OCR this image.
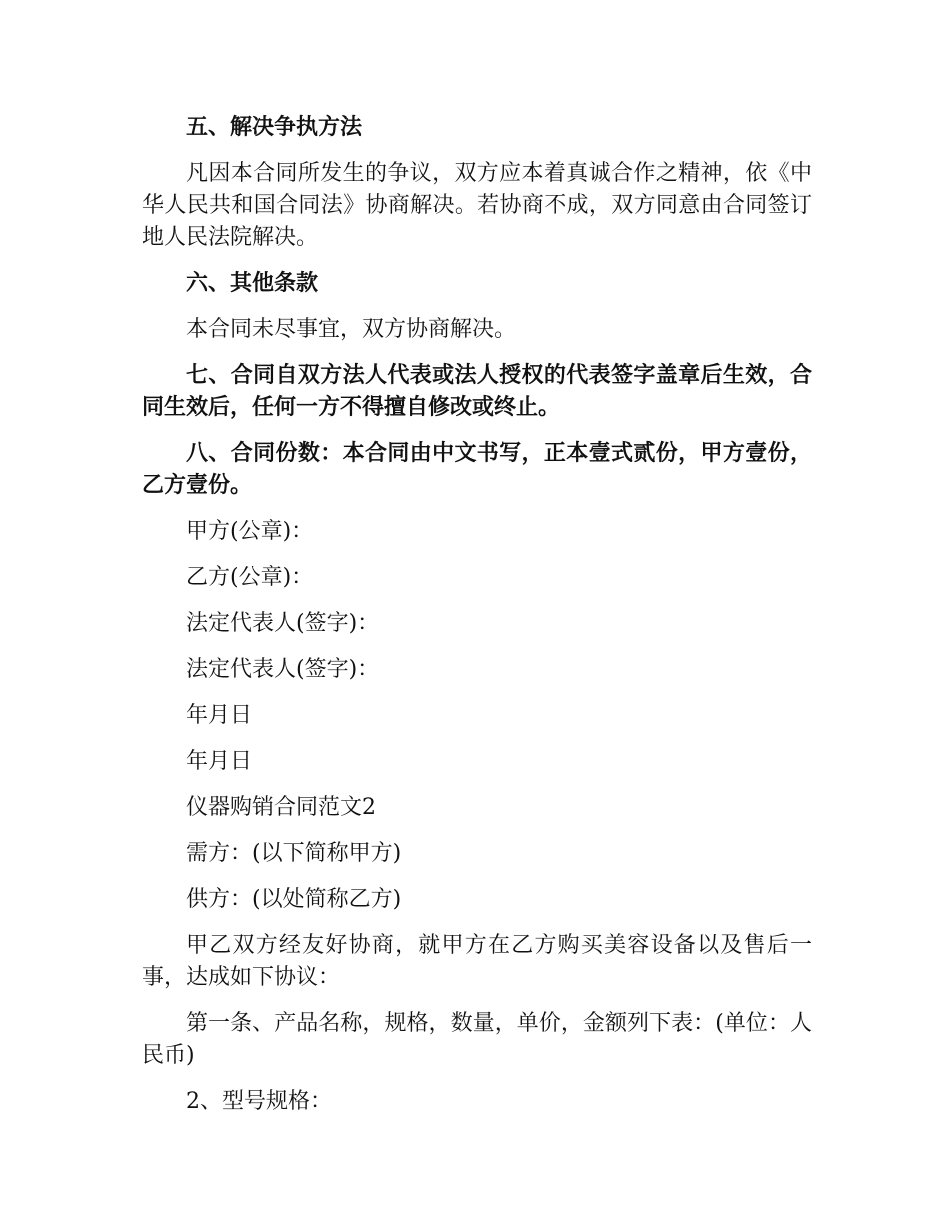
五、解决争执方法

凡因本合同所发生的争议，双方应本着真诚合作之精神，依《中华人民共和国合同法》协商解决。若协商不成，双方同意由合同签订地人民法院解决。

六、其他条款

本合同未尽事宜，双方协商解决。

七、合同自双方法人代表或法人授权的代表签字盖章后生效，合同生效后，任何一方不得擅自修改或终止。

八、合同份数：本合同由中文书写，正本壹式贰份，甲方壹份，乙方壹份。

甲方(公章)：

乙方(公章)：

法定代表人(签字)：

法定代表人(签字)：

年月日

年月日

仪器购销合同范文2

需方：(以下简称甲方)

供方：(以处简称乙方)

甲乙双方经友好协商，就甲方在乙方购买美容设备以及售后一事，达成如下协议：

第一条、产品名称，规格，数量，单价，金额列下表：(单位：人民币)

2、型号规格：
